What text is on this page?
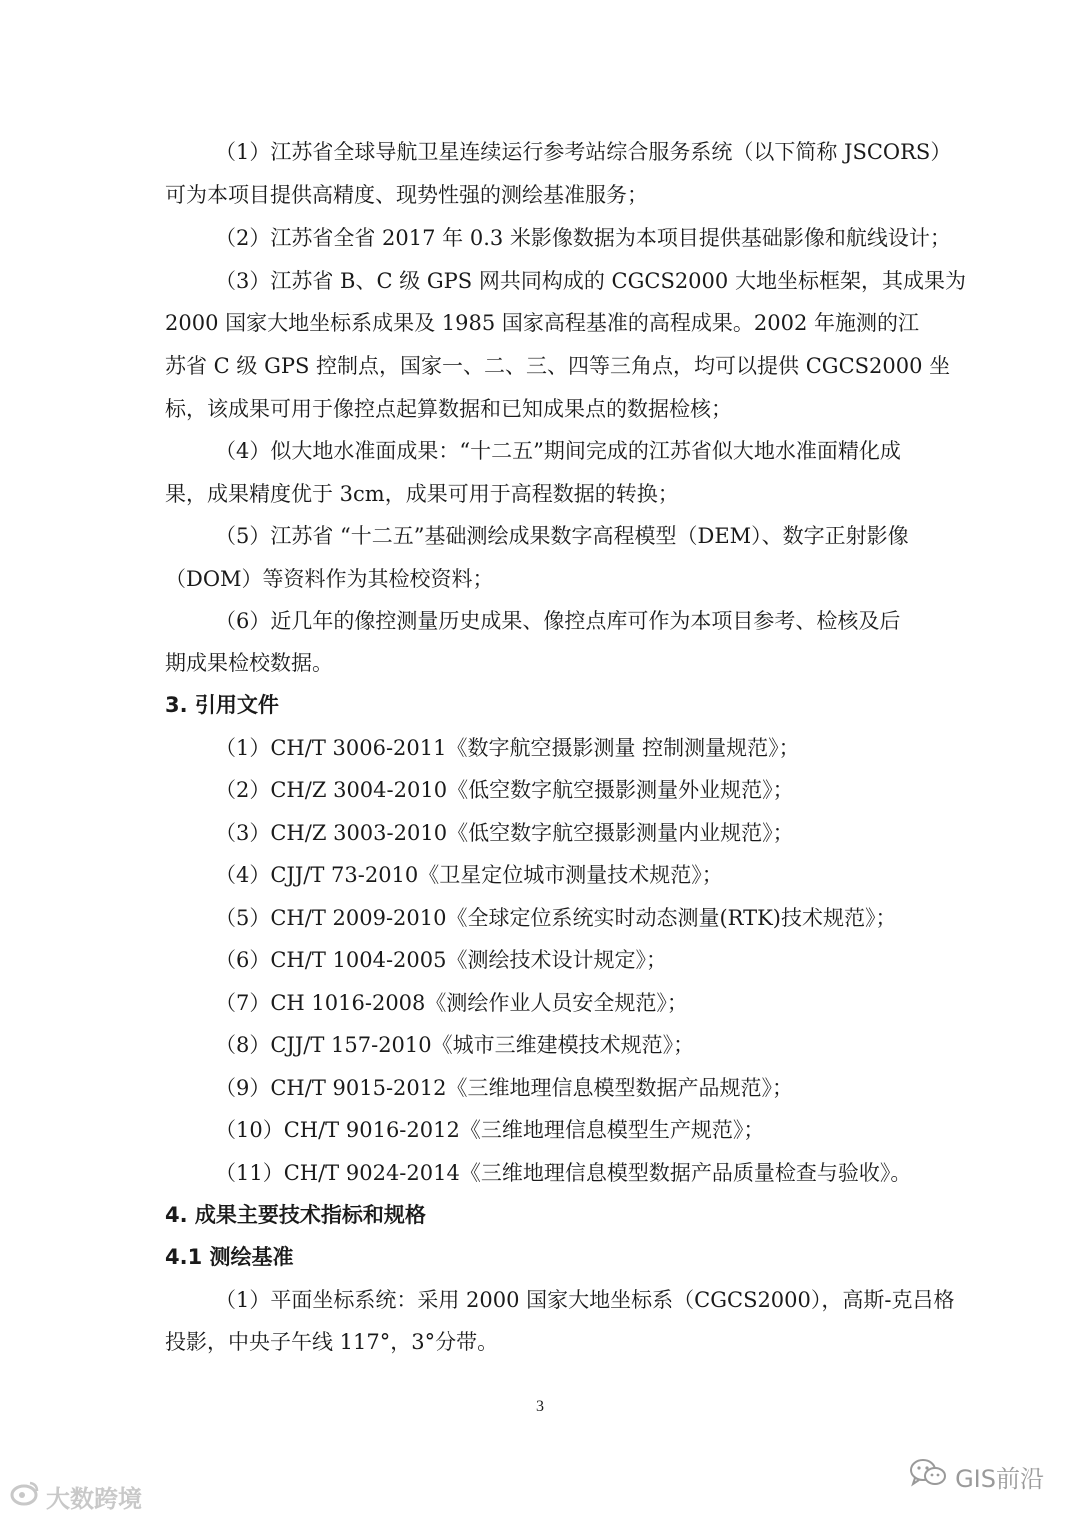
（1）江苏省全球导航卫星连续运行参考站综合服务系统（以下简称 JSCORS）
可为本项目提供高精度、现势性强的测绘基准服务；
（2）江苏省全省 2017 年 0.3 米影像数据为本项目提供基础影像和航线设计；
（3）江苏省 B、C 级 GPS 网共同构成的 CGCS2000 大地坐标框架，其成果为
2000 国家大地坐标系成果及 1985 国家高程基准的高程成果。2002 年施测的江
苏省 C 级 GPS 控制点，国家一、二、三、四等三角点，均可以提供 CGCS2000 坐
标，该成果可用于像控点起算数据和已知成果点的数据检核；
（4）似大地水准面成果：“十二五”期间完成的江苏省似大地水准面精化成
果，成果精度优于 3cm，成果可用于高程数据的转换；
（5）江苏省 “十二五”基础测绘成果数字高程模型（DEM）、数字正射影像
（DOM）等资料作为其检校资料；
（6）近几年的像控测量历史成果、像控点库可作为本项目参考、检核及后
期成果检校数据。
3. 引用文件
（1）CH/T 3006-2011《数字航空摄影测量 控制测量规范》；
（2）CH/Z 3004-2010《低空数字航空摄影测量外业规范》；
（3）CH/Z 3003-2010《低空数字航空摄影测量内业规范》；
（4）CJJ/T 73-2010《卫星定位城市测量技术规范》；
（5）CH/T 2009-2010《全球定位系统实时动态测量(RTK)技术规范》；
（6）CH/T 1004-2005《测绘技术设计规定》；
（7）CH 1016-2008《测绘作业人员安全规范》；
（8）CJJ/T 157-2010《城市三维建模技术规范》；
（9）CH/T 9015-2012《三维地理信息模型数据产品规范》；
（10）CH/T 9016-2012《三维地理信息模型生产规范》；
（11）CH/T 9024-2014《三维地理信息模型数据产品质量检查与验收》。
4. 成果主要技术指标和规格
4.1 测绘基准
（1）平面坐标系统：采用 2000 国家大地坐标系（CGCS2000），高斯-克吕格
投影，中央子午线 117°，3°分带。
3
大数跨境
GIS前沿
